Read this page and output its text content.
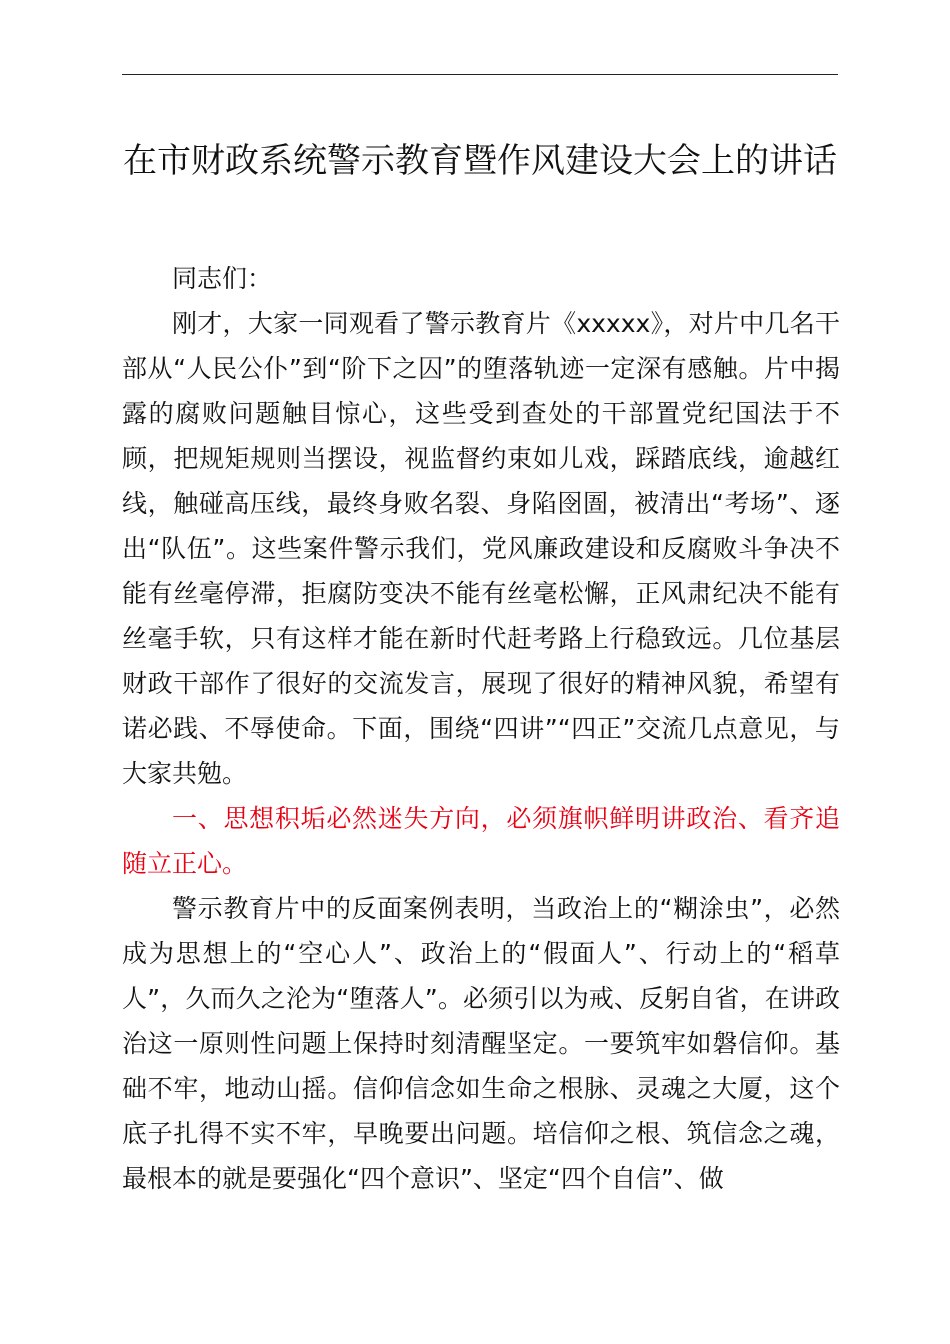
在市财政系统警示教育暨作风建设大会上的讲话

同志们：

刚才，大家一同观看了警示教育片《xxxxx》，对片中几名干部从“人民公仆”到“阶下之囚”的堕落轨迹一定深有感触。片中揭露的腐败问题触目惊心，这些受到查处的干部置党纪国法于不顾，把规矩规则当摆设，视监督约束如儿戏，踩踏底线，逾越红线，触碰高压线，最终身败名裂、身陷囹圄，被清出“考场”、逐出“队伍”。这些案件警示我们，党风廉政建设和反腐败斗争决不能有丝毫停滞，拒腐防变决不能有丝毫松懈，正风肃纪决不能有丝毫手软，只有这样才能在新时代赶考路上行稳致远。几位基层财政干部作了很好的交流发言，展现了很好的精神风貌，希望有诺必践、不辱使命。下面，围绕“四讲”“四正”交流几点意见，与大家共勉。

一、思想积垢必然迷失方向，必须旗帜鲜明讲政治、看齐追随立正心。

警示教育片中的反面案例表明，当政治上的“糊涂虫”，必然成为思想上的“空心人”、政治上的“假面人”、行动上的“稻草人”，久而久之沦为“堕落人”。必须引以为戒、反躬自省，在讲政治这一原则性问题上保持时刻清醒坚定。一要筑牢如磐信仰。基础不牢，地动山摇。信仰信念如生命之根脉、灵魂之大厦，这个底子扎得不实不牢，早晚要出问题。培信仰之根、筑信念之魂，最根本的就是要强化“四个意识”、坚定“四个自信”、做
